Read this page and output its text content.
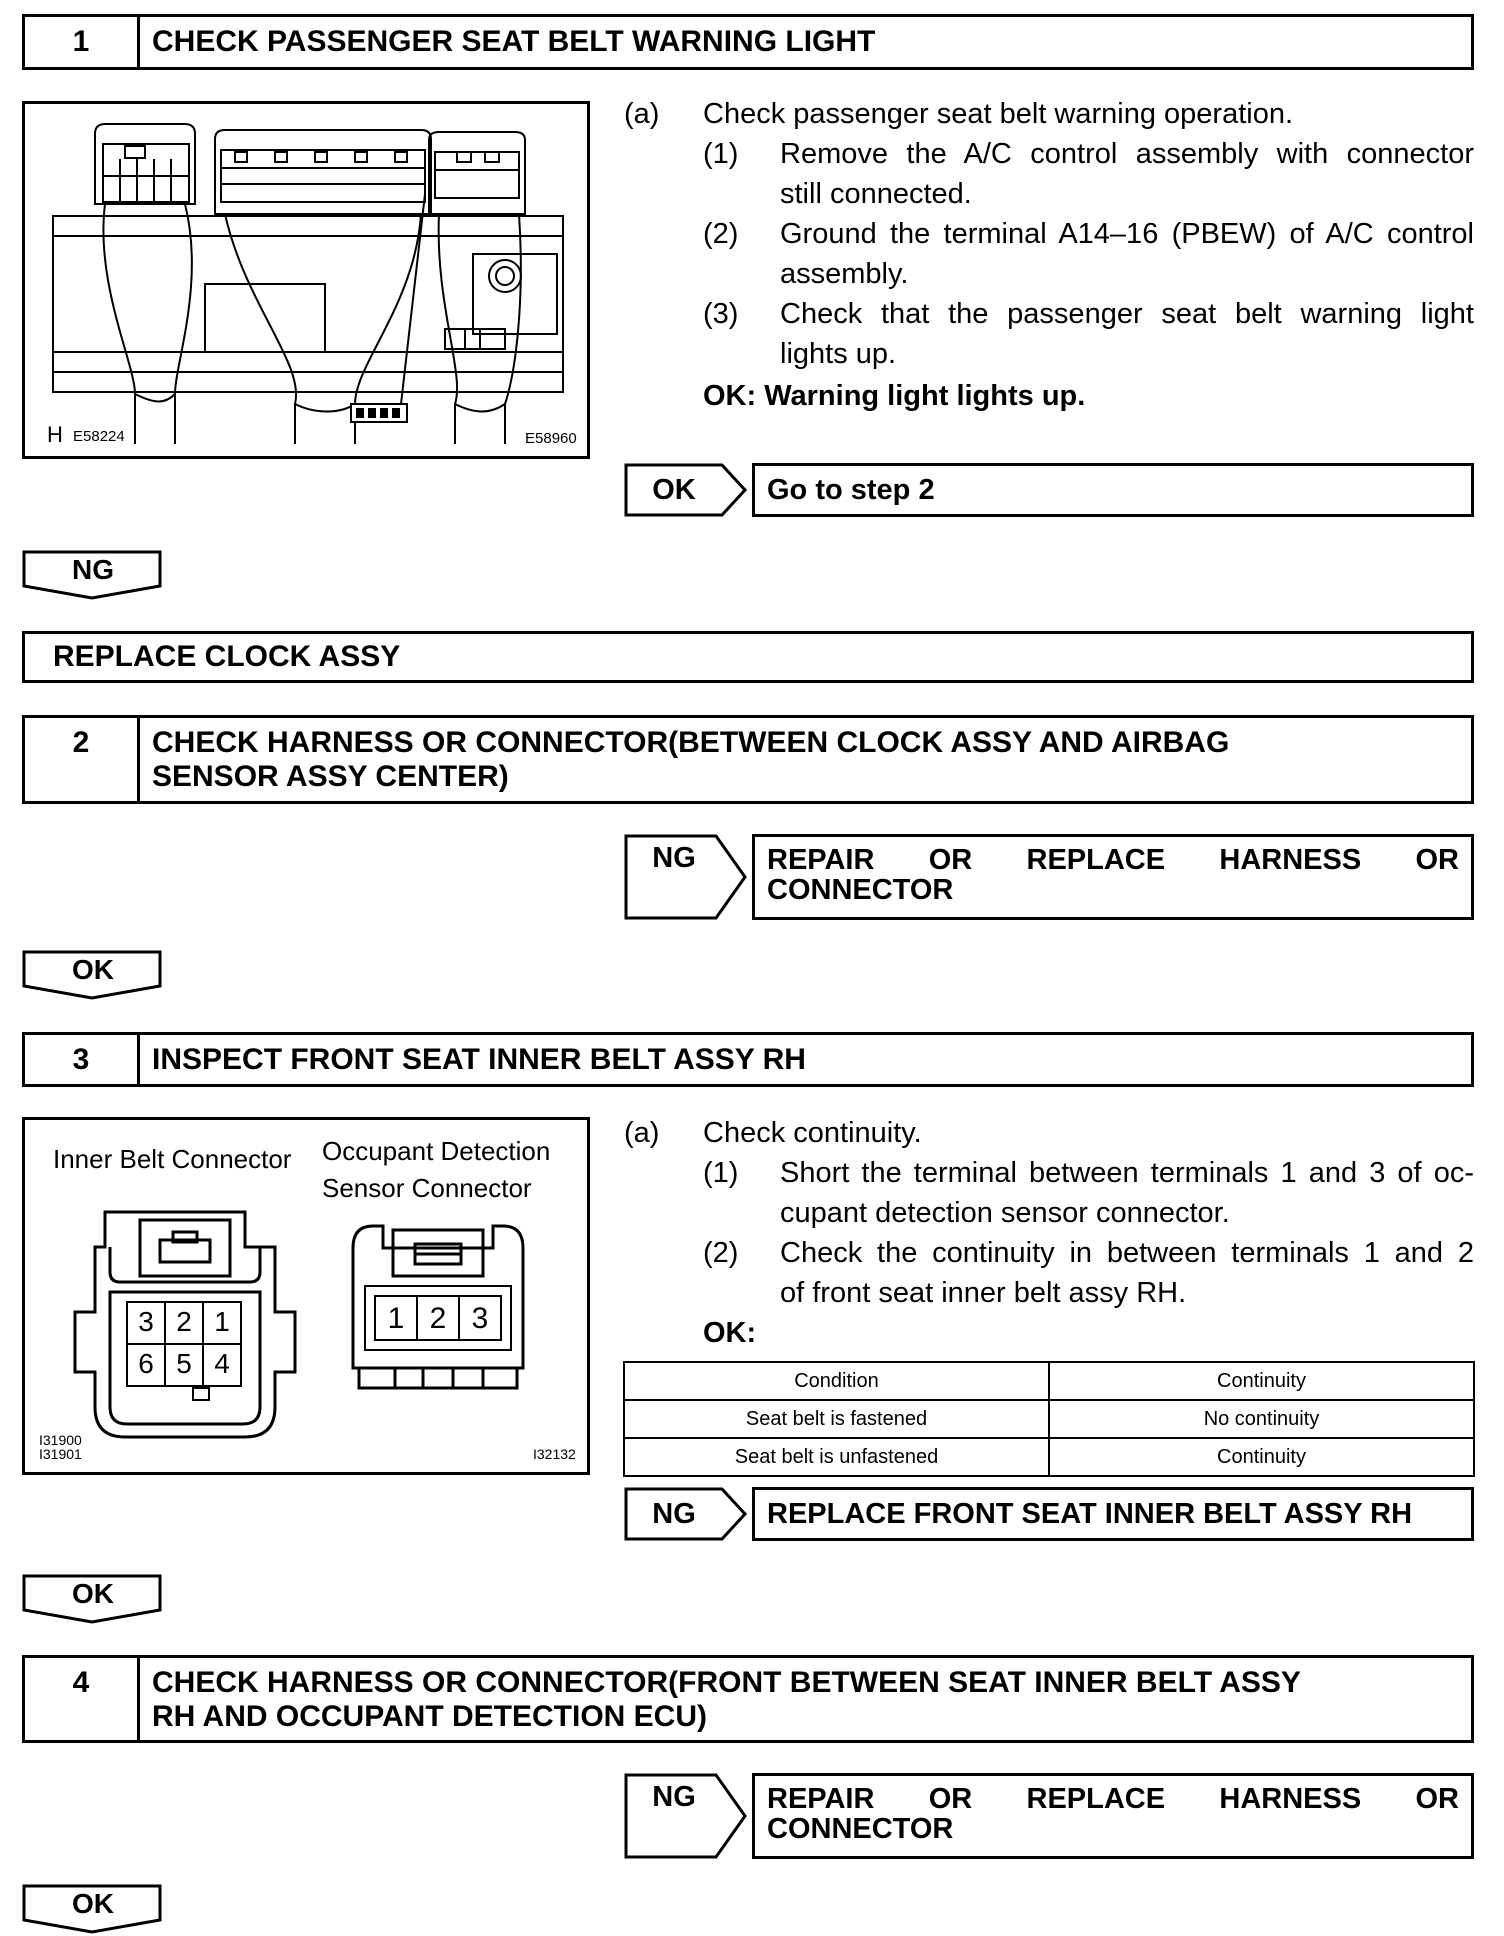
1	CHECK PASSENGER SEAT BELT WARNING LIGHT
H E58224	E58960
(a) Check passenger seat belt warning operation.
(1) Remove the A/C control assembly with connector
still connected.
(2) Ground the terminal A14–16 (PBEW) of A/C control
assembly.
(3) Check that the passenger seat belt warning light
lights up.
OK: Warning light lights up.
OK	Go to step 2
NG
REPLACE CLOCK ASSY
2	CHECK HARNESS OR CONNECTOR(BETWEEN CLOCK ASSY AND AIRBAG
SENSOR ASSY CENTER)
NG	REPAIR OR REPLACE HARNESS OR
CONNECTOR
OK
3	INSPECT FRONT SEAT INNER BELT ASSY RH
Inner Belt Connector Occupant Detection
Sensor Connector
3 2 1
6 5 4
1 2 3
I31900
I31901	I32132
(a) Check continuity.
(1) Short the terminal between terminals 1 and 3 of oc-
cupant detection sensor connector.
(2) Check the continuity in between terminals 1 and 2
of front seat inner belt assy RH.
OK:
Condition	Continuity
Seat belt is fastened	No continuity
Seat belt is unfastened	Continuity
NG	REPLACE FRONT SEAT INNER BELT ASSY RH
OK
4	CHECK HARNESS OR CONNECTOR(FRONT BETWEEN SEAT INNER BELT ASSY
RH AND OCCUPANT DETECTION ECU)
NG	REPAIR OR REPLACE HARNESS OR
CONNECTOR
OK
